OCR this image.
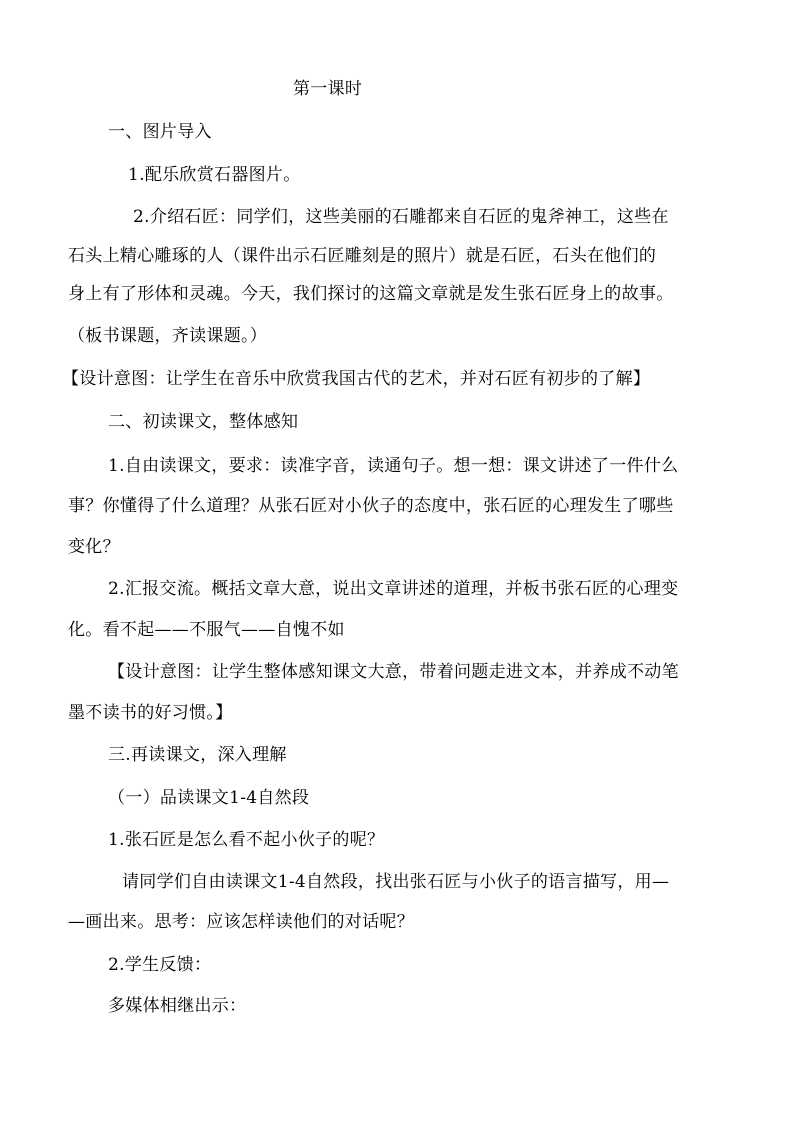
第一课时
一、图片导入
1.配乐欣赏石器图片。
2.介绍石匠：同学们，这些美丽的石雕都来自石匠的鬼斧神工，这些在
石头上精心雕琢的人（课件出示石匠雕刻是的照片）就是石匠，石头在他们的
身上有了形体和灵魂。今天，我们探讨的这篇文章就是发生张石匠身上的故事。
（板书课题，齐读课题。）
【设计意图：让学生在音乐中欣赏我国古代的艺术，并对石匠有初步的了解】
二、初读课文，整体感知
1.自由读课文，要求：读准字音，读通句子。想一想：课文讲述了一件什么
事？你懂得了什么道理？从张石匠对小伙子的态度中，张石匠的心理发生了哪些
变化？
2.汇报交流。概括文章大意，说出文章讲述的道理，并板书张石匠的心理变
化。看不起——不服气——自愧不如
【设计意图：让学生整体感知课文大意，带着问题走进文本，并养成不动笔
墨不读书的好习惯。】
三.再读课文，深入理解
（一）品读课文1-4自然段
1.张石匠是怎么看不起小伙子的呢？
请同学们自由读课文1-4自然段，找出张石匠与小伙子的语言描写，用—
—画出来。思考：应该怎样读他们的对话呢？
2.学生反馈：
多媒体相继出示：
